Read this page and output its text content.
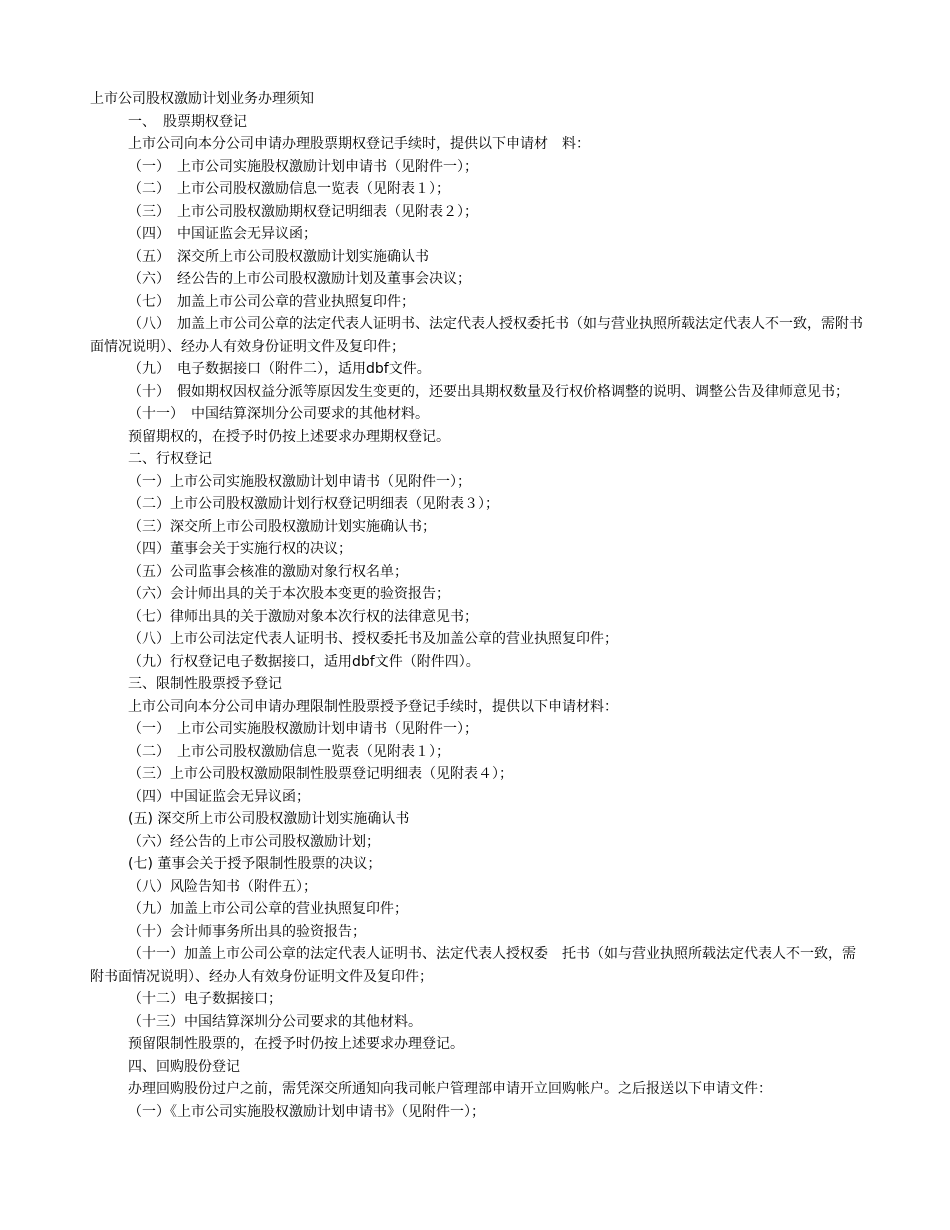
上市公司股权激励计划业务办理须知
一、　股票期权登记
上市公司向本分公司申请办理股票期权登记手续时，提供以下申请材　料：
（一）　上市公司实施股权激励计划申请书（见附件一）；
（二）　上市公司股权激励信息一览表（见附表１）；
（三）　上市公司股权激励期权登记明细表（见附表２）；
（四）　中国证监会无异议函；
（五）　深交所上市公司股权激励计划实施确认书
（六）　经公告的上市公司股权激励计划及董事会决议；
（七）　加盖上市公司公章的营业执照复印件；
（八）　加盖上市公司公章的法定代表人证明书、法定代表人授权委托书（如与营业执照所载法定代表人不一致，需附书面情况说明）、经办人有效身份证明文件及复印件；
（九）　电子数据接口（附件二），适用dbf文件。
（十）　假如期权因权益分派等原因发生变更的，还要出具期权数量及行权价格调整的说明、调整公告及律师意见书；
（十一）　中国结算深圳分公司要求的其他材料。
预留期权的，在授予时仍按上述要求办理期权登记。
二、行权登记
（一）上市公司实施股权激励计划申请书（见附件一）；
（二）上市公司股权激励计划行权登记明细表（见附表３）；
（三）深交所上市公司股权激励计划实施确认书；
（四）董事会关于实施行权的决议；
（五）公司监事会核准的激励对象行权名单；
（六）会计师出具的关于本次股本变更的验资报告；
（七）律师出具的关于激励对象本次行权的法律意见书；
（八）上市公司法定代表人证明书、授权委托书及加盖公章的营业执照复印件；
（九）行权登记电子数据接口，适用dbf文件（附件四）。
三、限制性股票授予登记
上市公司向本分公司申请办理限制性股票授予登记手续时，提供以下申请材料：
（一）　上市公司实施股权激励计划申请书（见附件一）；
（二）　上市公司股权激励信息一览表（见附表１）；
（三）上市公司股权激励限制性股票登记明细表（见附表４）；
（四）中国证监会无异议函；
(五) 深交所上市公司股权激励计划实施确认书
（六）经公告的上市公司股权激励计划；
(七) 董事会关于授予限制性股票的决议；
（八）风险告知书（附件五）；
（九）加盖上市公司公章的营业执照复印件；
（十）会计师事务所出具的验资报告；
（十一）加盖上市公司公章的法定代表人证明书、法定代表人授权委　托书（如与营业执照所载法定代表人不一致，需附书面情况说明）、经办人有效身份证明文件及复印件；
（十二）电子数据接口；
（十三）中国结算深圳分公司要求的其他材料。
预留限制性股票的，在授予时仍按上述要求办理登记。
四、回购股份登记
办理回购股份过户之前，需凭深交所通知向我司帐户管理部申请开立回购帐户。之后报送以下申请文件：
（一）《上市公司实施股权激励计划申请书》（见附件一）；
